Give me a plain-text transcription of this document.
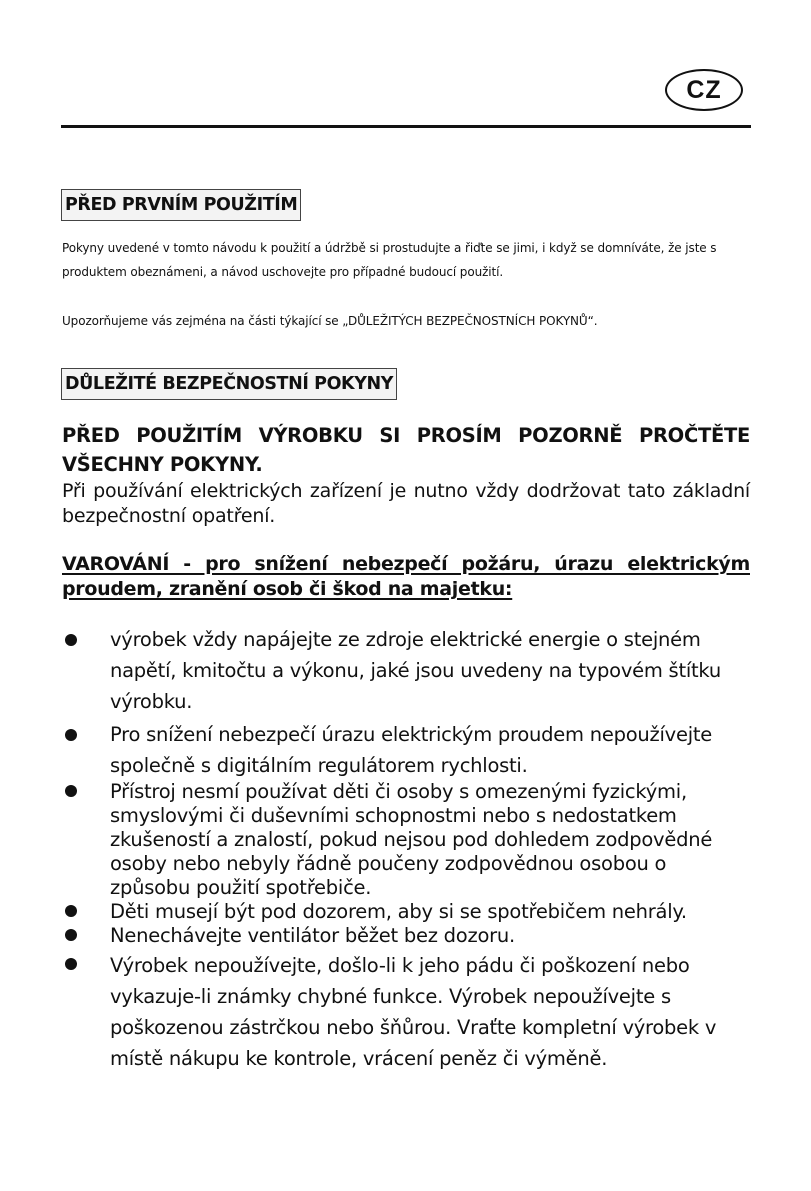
CZ
PŘED PRVNÍM POUŽITÍM
Pokyny uvedené v tomto návodu k použití a údržbě si prostudujte a řiďte se jimi, i když se domníváte, že jste s produktem obeznámeni, a návod uschovejte pro případné budoucí použití.
Upozorňujeme vás zejména na části týkající se „DŮLEŽITÝCH BEZPEČNOSTNÍCH POKYNŮ“.
DŮLEŽITÉ BEZPEČNOSTNÍ POKYNY
PŘED POUŽITÍM VÝROBKU SI PROSÍM POZORNĚ PROČTĚTE VŠECHNY POKYNY.
Při používání elektrických zařízení je nutno vždy dodržovat tato základní bezpečnostní opatření.
VAROVÁNÍ - pro snížení nebezpečí požáru, úrazu elektrickým proudem, zranění osob či škod na majetku:
výrobek vždy napájejte ze zdroje elektrické energie o stejném napětí, kmitočtu a výkonu, jaké jsou uvedeny na typovém štítku výrobku.
Pro snížení nebezpečí úrazu elektrickým proudem nepoužívejte společně s digitálním regulátorem rychlosti.
Přístroj nesmí používat děti či osoby s omezenými fyzickými, smyslovými či duševními schopnostmi nebo s nedostatkem zkušeností a znalostí, pokud nejsou pod dohledem zodpovědné osoby nebo nebyly řádně poučeny zodpovědnou osobou o způsobu použití spotřebiče.
Děti musejí být pod dozorem, aby si se spotřebičem nehrály.
Nenechávejte ventilátor běžet bez dozoru.
Výrobek nepoužívejte, došlo-li k jeho pádu či poškození nebo vykazuje-li známky chybné funkce. Výrobek nepoužívejte s poškozenou zástrčkou nebo šňůrou. Vraťte kompletní výrobek v místě nákupu ke kontrole, vrácení peněz či výměně.
